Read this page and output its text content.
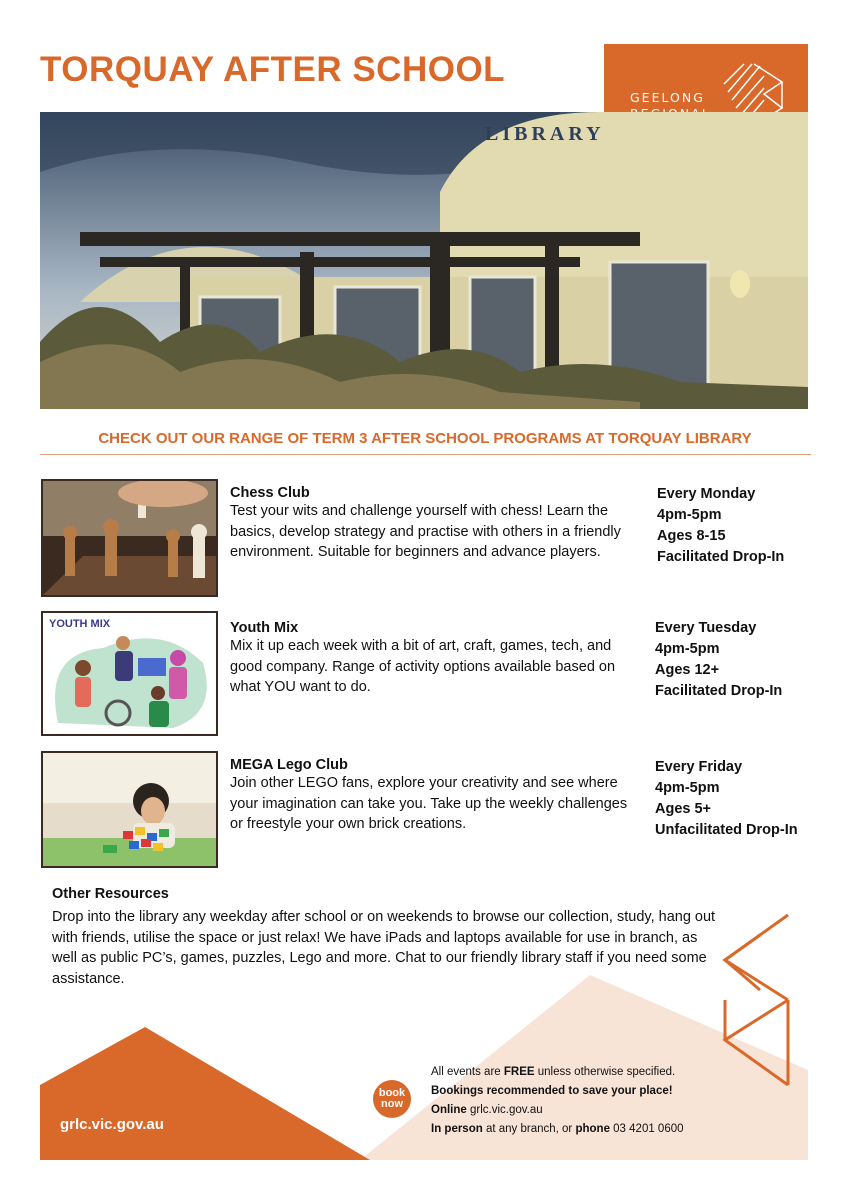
TORQUAY AFTER SCHOOL
GEELONG
LIBRARY

CHECK OUT OUR RANGE OF TERM 3 AFTER SCHOOL PROGRAMS AT TORQUAY LIBRARY

Chess Club

Test your wits and challenge yourself with chess! Learn the basics, develop strategy and practise with others in a friendly environment. Suitable for beginners and advance players.

Every Monday
4pm-5pm
Ages 8-15
Facilitated Drop-In
YOUTH MIX	Youth Mix

Mix it up each week with a bit of art, craft, games, tech, and good company. Range of activity options available based on what YOU want to do.

Every Tuesday
4pm-5pm
Ages 12+
Facilitated Drop-In

MEGA Lego Club

Join other LEGO fans, explore your creativity and see where your imagination can take you. Take up the weekly challenges or freestyle your own brick creations.

Every Friday
4pm-5pm
Ages 5+
Unfacilitated Drop-In

Other Resources

Drop into the library any weekday after school or on weekends to browse our collection, study, hang out with friends, utilise the space or just relax! We have iPads and laptops available for use in branch, as well as public PC’s, games, puzzles, Lego and more. Chat to our friendly library staff if you need some assistance.

grlc.vic.gov.au
book
now
All events are FREE unless otherwise specified.
Bookings recommended to save your place!
Online grlc.vic.gov.au
In person at any branch, or phone 03 4201 0600
